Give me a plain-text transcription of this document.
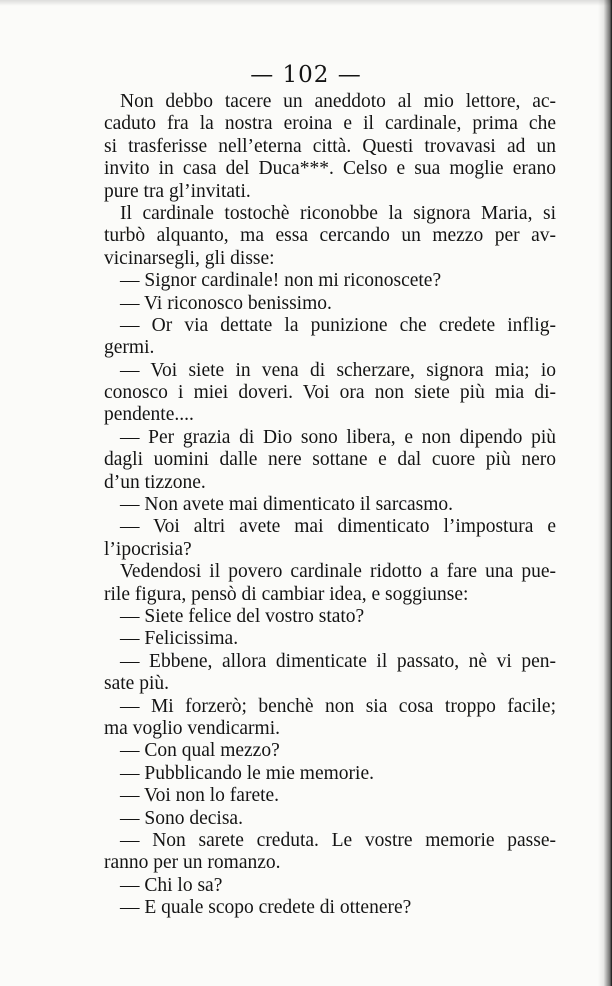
— 102 —
Non debbo tacere un aneddoto al mio lettore, ac-
caduto fra la nostra eroina e il cardinale, prima che
si trasferisse nell’eterna città. Questi trovavasi ad un
invito in casa del Duca***. Celso e sua moglie erano
pure tra gl’invitati.
Il cardinale tostochè riconobbe la signora Maria, si
turbò alquanto, ma essa cercando un mezzo per av-
vicinarsegli, gli disse:
— Signor cardinale! non mi riconoscete?
— Vi riconosco benissimo.
— Or via dettate la punizione che credete inflig-
germi.
— Voi siete in vena di scherzare, signora mia; io
conosco i miei doveri. Voi ora non siete più mia di-
pendente....
— Per grazia di Dio sono libera, e non dipendo più
dagli uomini dalle nere sottane e dal cuore più nero
d’un tizzone.
— Non avete mai dimenticato il sarcasmo.
— Voi altri avete mai dimenticato l’impostura e
l’ipocrisia?
Vedendosi il povero cardinale ridotto a fare una pue-
rile figura, pensò di cambiar idea, e soggiunse:
— Siete felice del vostro stato?
— Felicissima.
— Ebbene, allora dimenticate il passato, nè vi pen-
sate più.
— Mi forzerò; benchè non sia cosa troppo facile;
ma voglio vendicarmi.
— Con qual mezzo?
— Pubblicando le mie memorie.
— Voi non lo farete.
— Sono decisa.
— Non sarete creduta. Le vostre memorie passe-
ranno per un romanzo.
— Chi lo sa?
— E quale scopo credete di ottenere?
